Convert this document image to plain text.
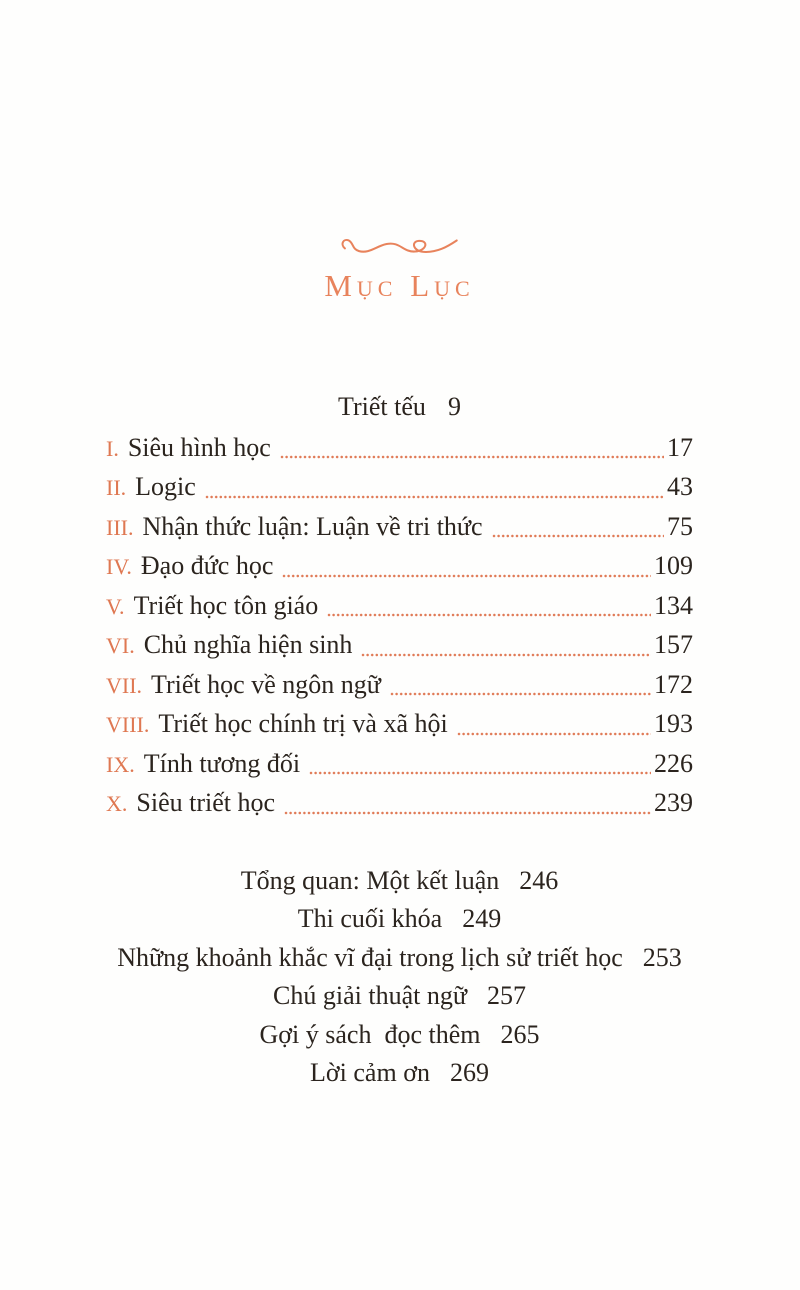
Mục Lục
Triết tếu 9
I. Siêu hình học	17
II. Logic	43
III. Nhận thức luận: Luận về tri thức	75
IV. Đạo đức học	109
V. Triết học tôn giáo	134
VI. Chủ nghĩa hiện sinh	157
VII. Triết học về ngôn ngữ	172
VIII. Triết học chính trị và xã hội	193
IX. Tính tương đối	226
X. Siêu triết học	239
Tổng quan: Một kết luận 246
Thi cuối khóa 249
Những khoảnh khắc vĩ đại trong lịch sử triết học 253
Chú giải thuật ngữ 257
Gợi ý sách  đọc thêm 265
Lời cảm ơn 269
